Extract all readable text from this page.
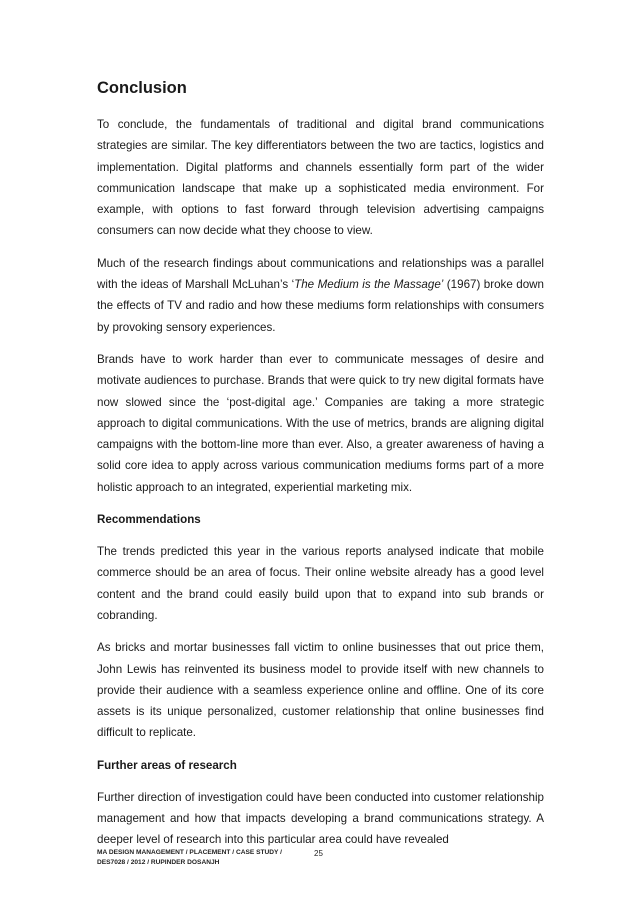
Conclusion

To conclude, the fundamentals of traditional and digital brand communications strategies are similar. The key differentiators between the two are tactics, logistics and implementation. Digital platforms and channels essentially form part of the wider communication landscape that make up a sophisticated media environment. For example, with options to fast forward through television advertising campaigns consumers can now decide what they choose to view.

Much of the research findings about communications and relationships was a parallel with the ideas of Marshall McLuhan’s ‘The Medium is the Massage’ (1967) broke down the effects of TV and radio and how these mediums form relationships with consumers by provoking sensory experiences.

Brands have to work harder than ever to communicate messages of desire and motivate audiences to purchase. Brands that were quick to try new digital formats have now slowed since the ‘post-digital age.’ Companies are taking a more strategic approach to digital communications. With the use of metrics, brands are aligning digital campaigns with the bottom-line more than ever. Also, a greater awareness of having a solid core idea to apply across various communication mediums forms part of a more holistic approach to an integrated, experiential marketing mix.

Recommendations

The trends predicted this year in the various reports analysed indicate that mobile commerce should be an area of focus. Their online website already has a good level content and the brand could easily build upon that to expand into sub brands or cobranding.

As bricks and mortar businesses fall victim to online businesses that out price them, John Lewis has reinvented its business model to provide itself with new channels to provide their audience with a seamless experience online and offline. One of its core assets is its unique personalized, customer relationship that online businesses find difficult to replicate.

Further areas of research

Further direction of investigation could have been conducted into customer relationship management and how that impacts developing a brand communications strategy. A deeper level of research into this particular area could have revealed

MA DESIGN MANAGEMENT / PLACEMENT / CASE STUDY /
DES7028 / 2012 / RUPINDER DOSANJH
25
